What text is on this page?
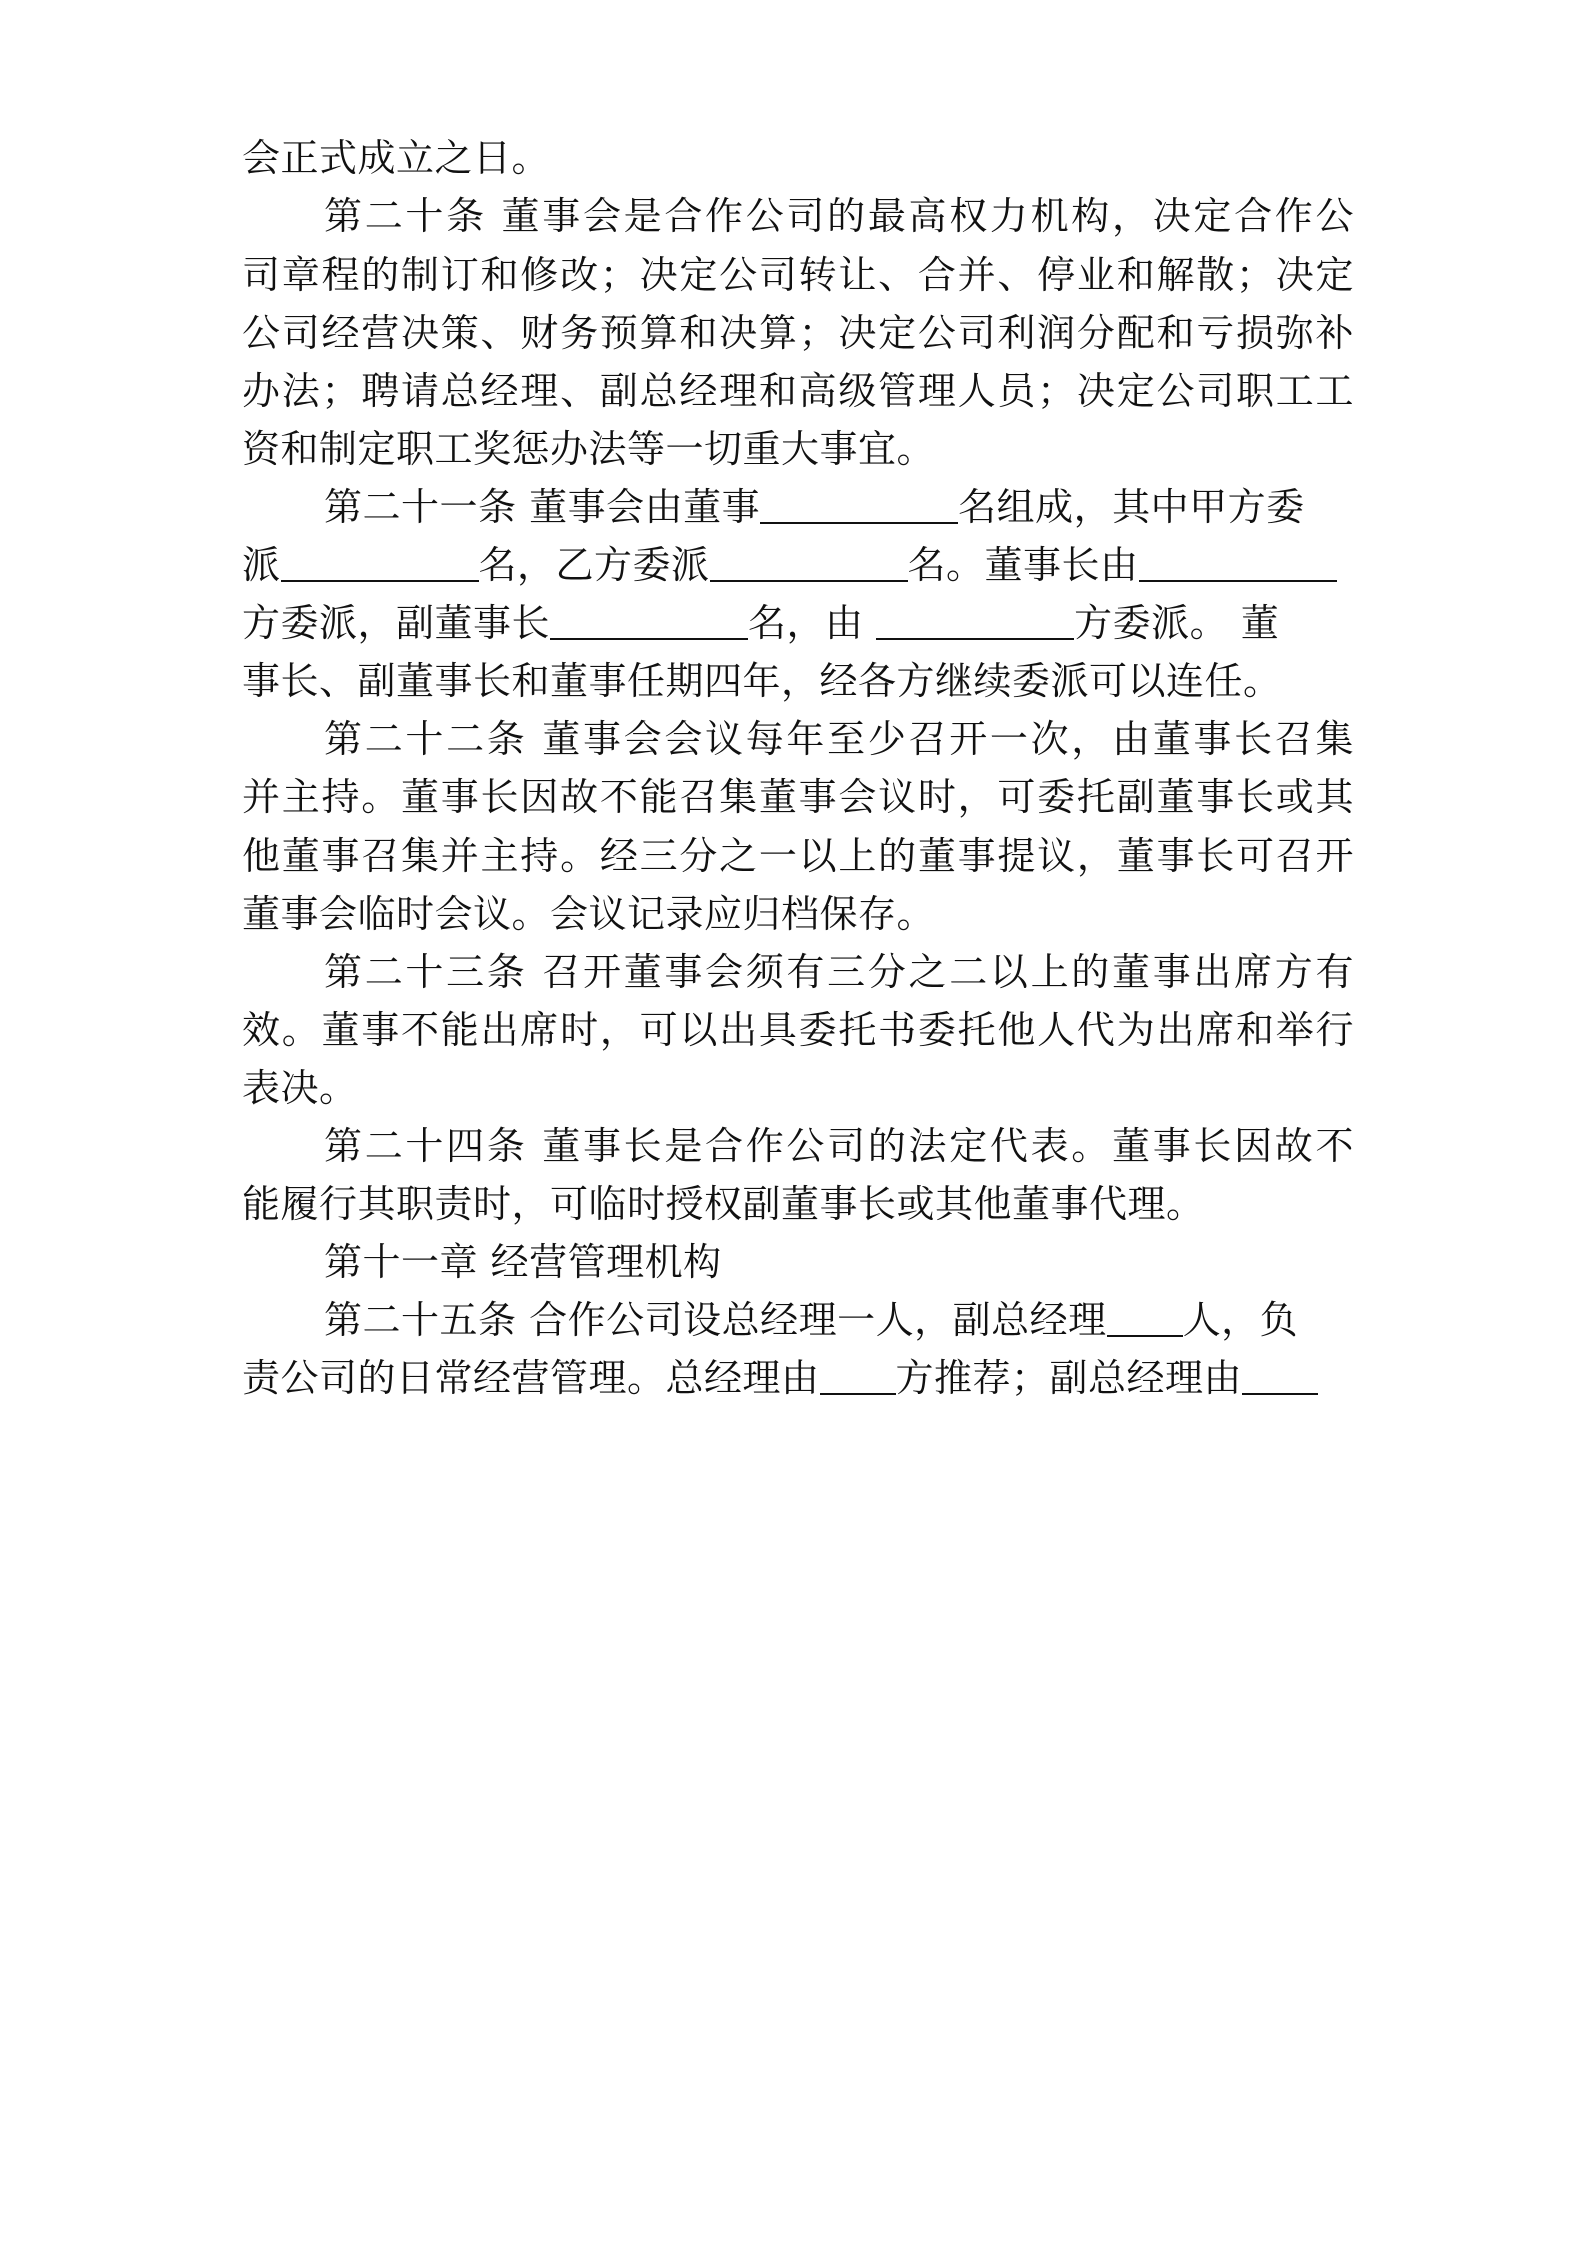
会正式成立之日。
第二十条 董事会是合作公司的最高权力机构，决定合作公
司章程的制订和修改；决定公司转让、合并、停业和解散；决定
公司经营决策、财务预算和决算；决定公司利润分配和亏损弥补
办法；聘请总经理、副总经理和高级管理人员；决定公司职工工
资和制定职工奖惩办法等一切重大事宜。
第二十一条 董事会由董事	名组成，其中甲方委
派	名，乙方委派	名。董事长由
方委派，副董事长	名，由	方委派。 董
事长、副董事长和董事任期四年，经各方继续委派可以连任。
第二十二条 董事会会议每年至少召开一次，由董事长召集
并主持。董事长因故不能召集董事会议时，可委托副董事长或其
他董事召集并主持。经三分之一以上的董事提议，董事长可召开
董事会临时会议。会议记录应归档保存。
第二十三条 召开董事会须有三分之二以上的董事出席方有
效。董事不能出席时，可以出具委托书委托他人代为出席和举行
表决。
第二十四条 董事长是合作公司的法定代表。董事长因故不
能履行其职责时，可临时授权副董事长或其他董事代理。
第十一章 经营管理机构
第二十五条 合作公司设总经理一人，副总经理 人，负
责公司的日常经营管理。总经理由 方推荐；副总经理由
